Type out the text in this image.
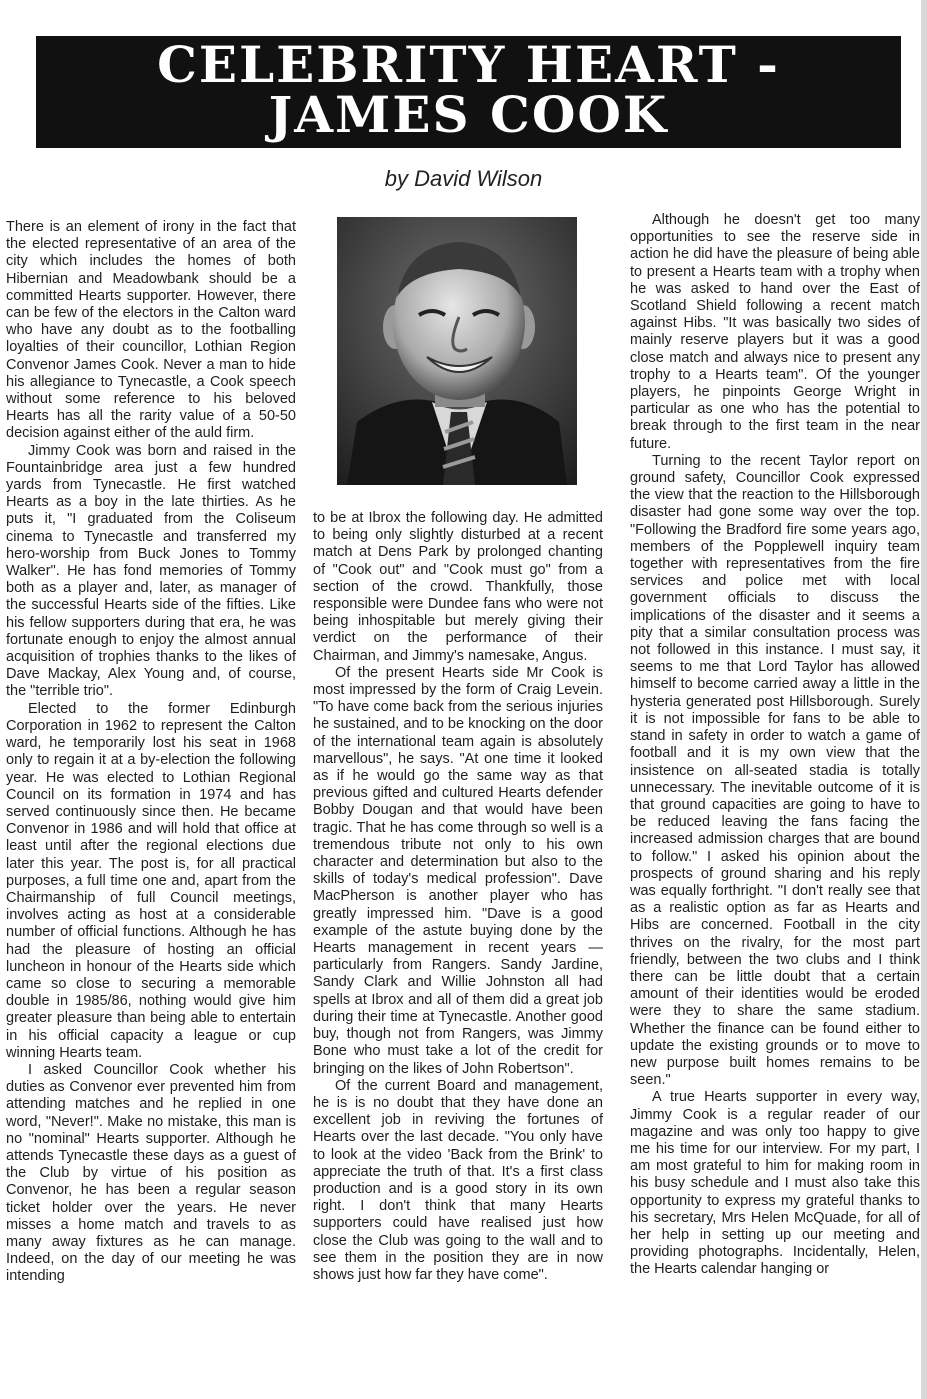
CELEBRITY HEART -
JAMES COOK
by David Wilson

There is an element of irony in the fact that the elected representative of an area of the city which includes the homes of both Hibernian and Meadowbank should be a committed Hearts supporter. However, there can be few of the electors in the Calton ward who have any doubt as to the footballing loyalties of their councillor, Lothian Region Convenor James Cook. Never a man to hide his allegiance to Tynecastle, a Cook speech without some reference to his beloved Hearts has all the rarity value of a 50-50 decision against either of the auld firm.

Jimmy Cook was born and raised in the Fountainbridge area just a few hundred yards from Tynecastle. He first watched Hearts as a boy in the late thirties. As he puts it, "I graduated from the Coliseum cinema to Tynecastle and transferred my hero-worship from Buck Jones to Tommy Walker". He has fond memories of Tommy both as a player and, later, as manager of the successful Hearts side of the fifties. Like his fellow supporters during that era, he was fortunate enough to enjoy the almost annual acquisition of trophies thanks to the likes of Dave Mackay, Alex Young and, of course, the "terrible trio".

Elected to the former Edinburgh Corporation in 1962 to represent the Calton ward, he temporarily lost his seat in 1968 only to regain it at a by-election the following year. He was elected to Lothian Regional Council on its formation in 1974 and has served continuously since then. He became Convenor in 1986 and will hold that office at least until after the regional elections due later this year. The post is, for all practical purposes, a full time one and, apart from the Chairmanship of full Council meetings, involves acting as host at a considerable number of official functions. Although he has had the pleasure of hosting an official luncheon in honour of the Hearts side which came so close to securing a memorable double in 1985/86, nothing would give him greater pleasure than being able to entertain in his official capacity a league or cup winning Hearts team.

I asked Councillor Cook whether his duties as Convenor ever prevented him from attending matches and he replied in one word, "Never!". Make no mistake, this man is no "nominal" Hearts supporter. Although he attends Tynecastle these days as a guest of the Club by virtue of his position as Convenor, he has been a regular season ticket holder over the years. He never misses a home match and travels to as many away fixtures as he can manage. Indeed, on the day of our meeting he was intending

to be at Ibrox the following day. He admitted to being only slightly disturbed at a recent match at Dens Park by prolonged chanting of "Cook out" and "Cook must go" from a section of the crowd. Thankfully, those responsible were Dundee fans who were not being inhospitable but merely giving their verdict on the performance of their Chairman, and Jimmy's namesake, Angus.

Of the present Hearts side Mr Cook is most impressed by the form of Craig Levein. "To have come back from the serious injuries he sustained, and to be knocking on the door of the international team again is absolutely marvellous", he says. "At one time it looked as if he would go the same way as that previous gifted and cultured Hearts defender Bobby Dougan and that would have been tragic. That he has come through so well is a tremendous tribute not only to his own character and determination but also to the skills of today's medical profession". Dave MacPherson is another player who has greatly impressed him. "Dave is a good example of the astute buying done by the Hearts management in recent years — particularly from Rangers. Sandy Jardine, Sandy Clark and Willie Johnston all had spells at Ibrox and all of them did a great job during their time at Tynecastle. Another good buy, though not from Rangers, was Jimmy Bone who must take a lot of the credit for bringing on the likes of John Robertson".

Of the current Board and management, he is is no doubt that they have done an excellent job in reviving the fortunes of Hearts over the last decade. "You only have to look at the video 'Back from the Brink' to appreciate the truth of that. It's a first class production and is a good story in its own right. I don't think that many Hearts supporters could have realised just how close the Club was going to the wall and to see them in the position they are in now shows just how far they have come".

Although he doesn't get too many opportunities to see the reserve side in action he did have the pleasure of being able to present a Hearts team with a trophy when he was asked to hand over the East of Scotland Shield following a recent match against Hibs. "It was basically two sides of mainly reserve players but it was a good close match and always nice to present any trophy to a Hearts team". Of the younger players, he pinpoints George Wright in particular as one who has the potential to break through to the first team in the near future.

Turning to the recent Taylor report on ground safety, Councillor Cook expressed the view that the reaction to the Hillsborough disaster had gone some way over the top. "Following the Bradford fire some years ago, members of the Popplewell inquiry team together with representatives from the fire services and police met with local government officials to discuss the implications of the disaster and it seems a pity that a similar consultation process was not followed in this instance. I must say, it seems to me that Lord Taylor has allowed himself to become carried away a little in the hysteria generated post Hillsborough. Surely it is not impossible for fans to be able to stand in safety in order to watch a game of football and it is my own view that the insistence on all-seated stadia is totally unnecessary. The inevitable outcome of it is that ground capacities are going to have to be reduced leaving the fans facing the increased admission charges that are bound to follow." I asked his opinion about the prospects of ground sharing and his reply was equally forthright. "I don't really see that as a realistic option as far as Hearts and Hibs are concerned. Football in the city thrives on the rivalry, for the most part friendly, between the two clubs and I think there can be little doubt that a certain amount of their identities would be eroded were they to share the same stadium. Whether the finance can be found either to update the existing grounds or to move to new purpose built homes remains to be seen."

A true Hearts supporter in every way, Jimmy Cook is a regular reader of our magazine and was only too happy to give me his time for our interview. For my part, I am most grateful to him for making room in his busy schedule and I must also take this opportunity to express my grateful thanks to his secretary, Mrs Helen McQuade, for all of her help in setting up our meeting and providing photographs. Incidentally, Helen, the Hearts calendar hanging or
